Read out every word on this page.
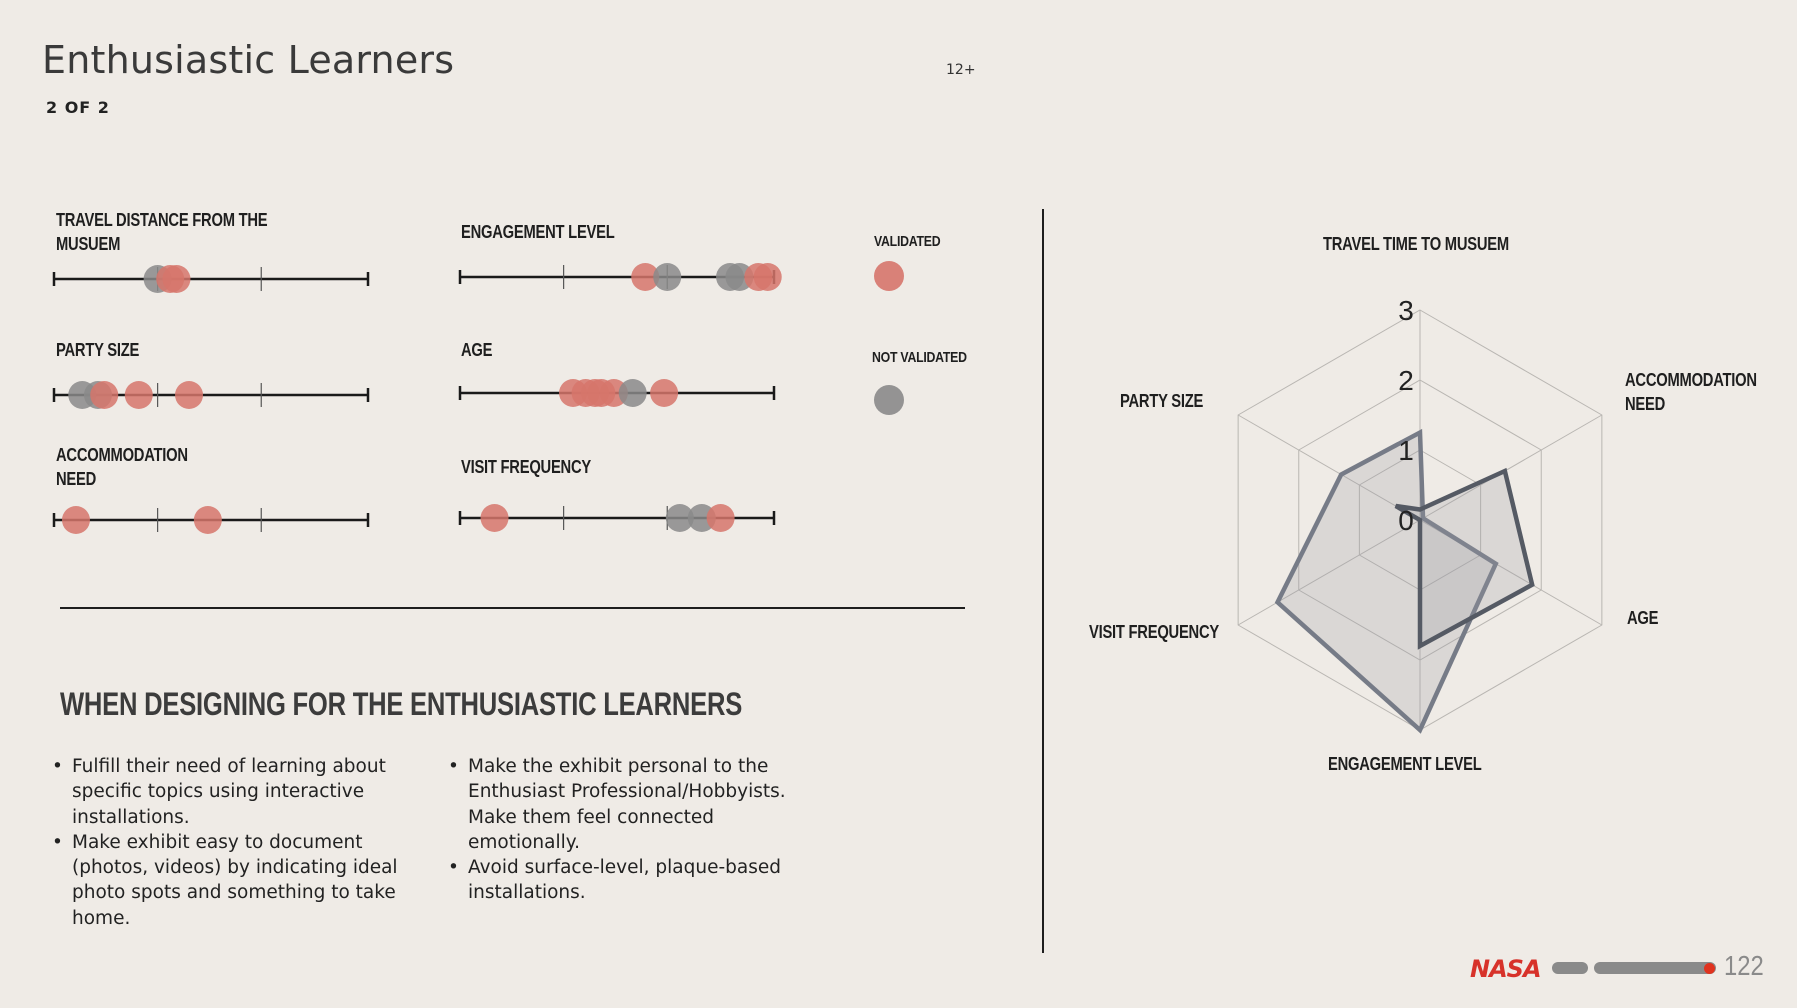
Enthusiastic Learners
2 OF 2
12+
TRAVEL DISTANCE FROM THE MUSUEM
ENGAGEMENT LEVEL
PARTY SIZE	AGE
ACCOMMODATION NEED
VISIT FREQUENCY
VALIDATED
NOT VALIDATED
WHEN DESIGNING FOR THE ENTHUSIASTIC LEARNERS
• Fulfill their need of learning about specific topics using interactive installations.
• Make exhibit easy to document (photos, videos) by indicating ideal photo spots and something to take home.
• Make the exhibit personal to the Enthusiast Professional/Hobbyists. Make them feel connected emotionally.
• Avoid surface-level, plaque-based installations.
TRAVEL TIME TO MUSUEM
ACCOMMODATION NEED
AGE
ENGAGEMENT LEVEL
VISIT FREQUENCY
PARTY SIZE
0
1
2
3
NASA	122
